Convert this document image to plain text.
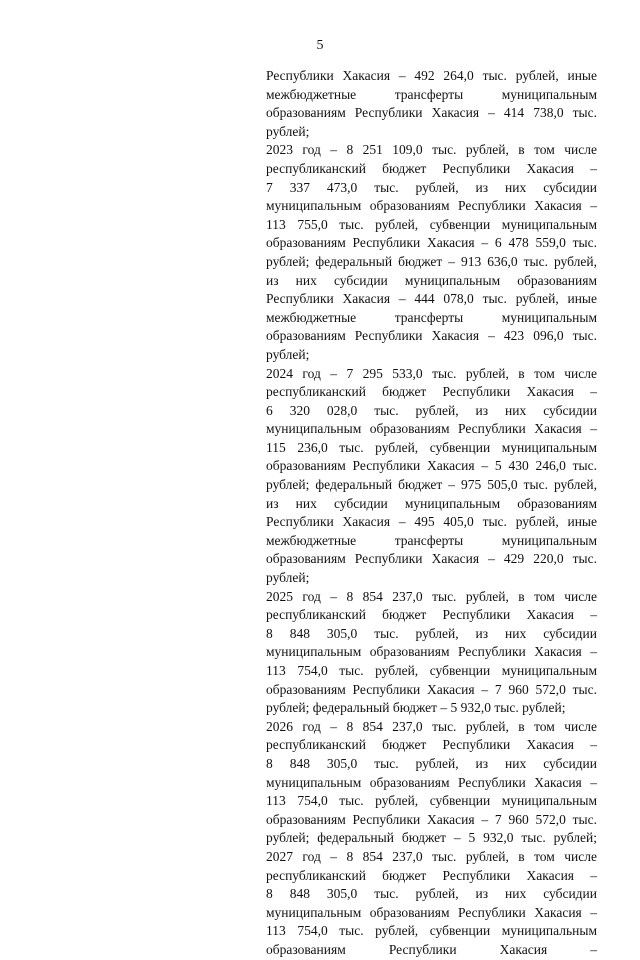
5
Республики Хакасия – 492 264,0 тыс. рублей, иные
межбюджетные трансферты муниципальным
образованиям Республики Хакасия – 414 738,0 тыс.
рублей;
2023 год – 8 251 109,0 тыс. рублей, в том числе
республиканский бюджет Республики Хакасия –
7 337 473,0 тыс. рублей, из них субсидии
муниципальным образованиям Республики Хакасия –
113 755,0 тыс. рублей, субвенции муниципальным
образованиям Республики Хакасия – 6 478 559,0 тыс.
рублей; федеральный бюджет – 913 636,0 тыс. рублей,
из них субсидии муниципальным образованиям
Республики Хакасия – 444 078,0 тыс. рублей, иные
межбюджетные трансферты муниципальным
образованиям Республики Хакасия – 423 096,0 тыс.
рублей;
2024 год – 7 295 533,0 тыс. рублей, в том числе
республиканский бюджет Республики Хакасия –
6 320 028,0 тыс. рублей, из них субсидии
муниципальным образованиям Республики Хакасия –
115 236,0 тыс. рублей, субвенции муниципальным
образованиям Республики Хакасия – 5 430 246,0 тыс.
рублей; федеральный бюджет – 975 505,0 тыс. рублей,
из них субсидии муниципальным образованиям
Республики Хакасия – 495 405,0 тыс. рублей, иные
межбюджетные трансферты муниципальным
образованиям Республики Хакасия – 429 220,0 тыс.
рублей;
2025 год – 8 854 237,0 тыс. рублей, в том числе
республиканский бюджет Республики Хакасия –
8 848 305,0 тыс. рублей, из них субсидии
муниципальным образованиям Республики Хакасия –
113 754,0 тыс. рублей, субвенции муниципальным
образованиям Республики Хакасия – 7 960 572,0 тыс.
рублей; федеральный бюджет – 5 932,0 тыс. рублей;
2026 год – 8 854 237,0 тыс. рублей, в том числе
республиканский бюджет Республики Хакасия –
8 848 305,0 тыс. рублей, из них субсидии
муниципальным образованиям Республики Хакасия –
113 754,0 тыс. рублей, субвенции муниципальным
образованиям Республики Хакасия – 7 960 572,0 тыс.
рублей; федеральный бюджет – 5 932,0 тыс. рублей;
2027 год – 8 854 237,0 тыс. рублей, в том числе
республиканский бюджет Республики Хакасия –
8 848 305,0 тыс. рублей, из них субсидии
муниципальным образованиям Республики Хакасия –
113 754,0 тыс. рублей, субвенции муниципальным
образованиям Республики Хакасия –
